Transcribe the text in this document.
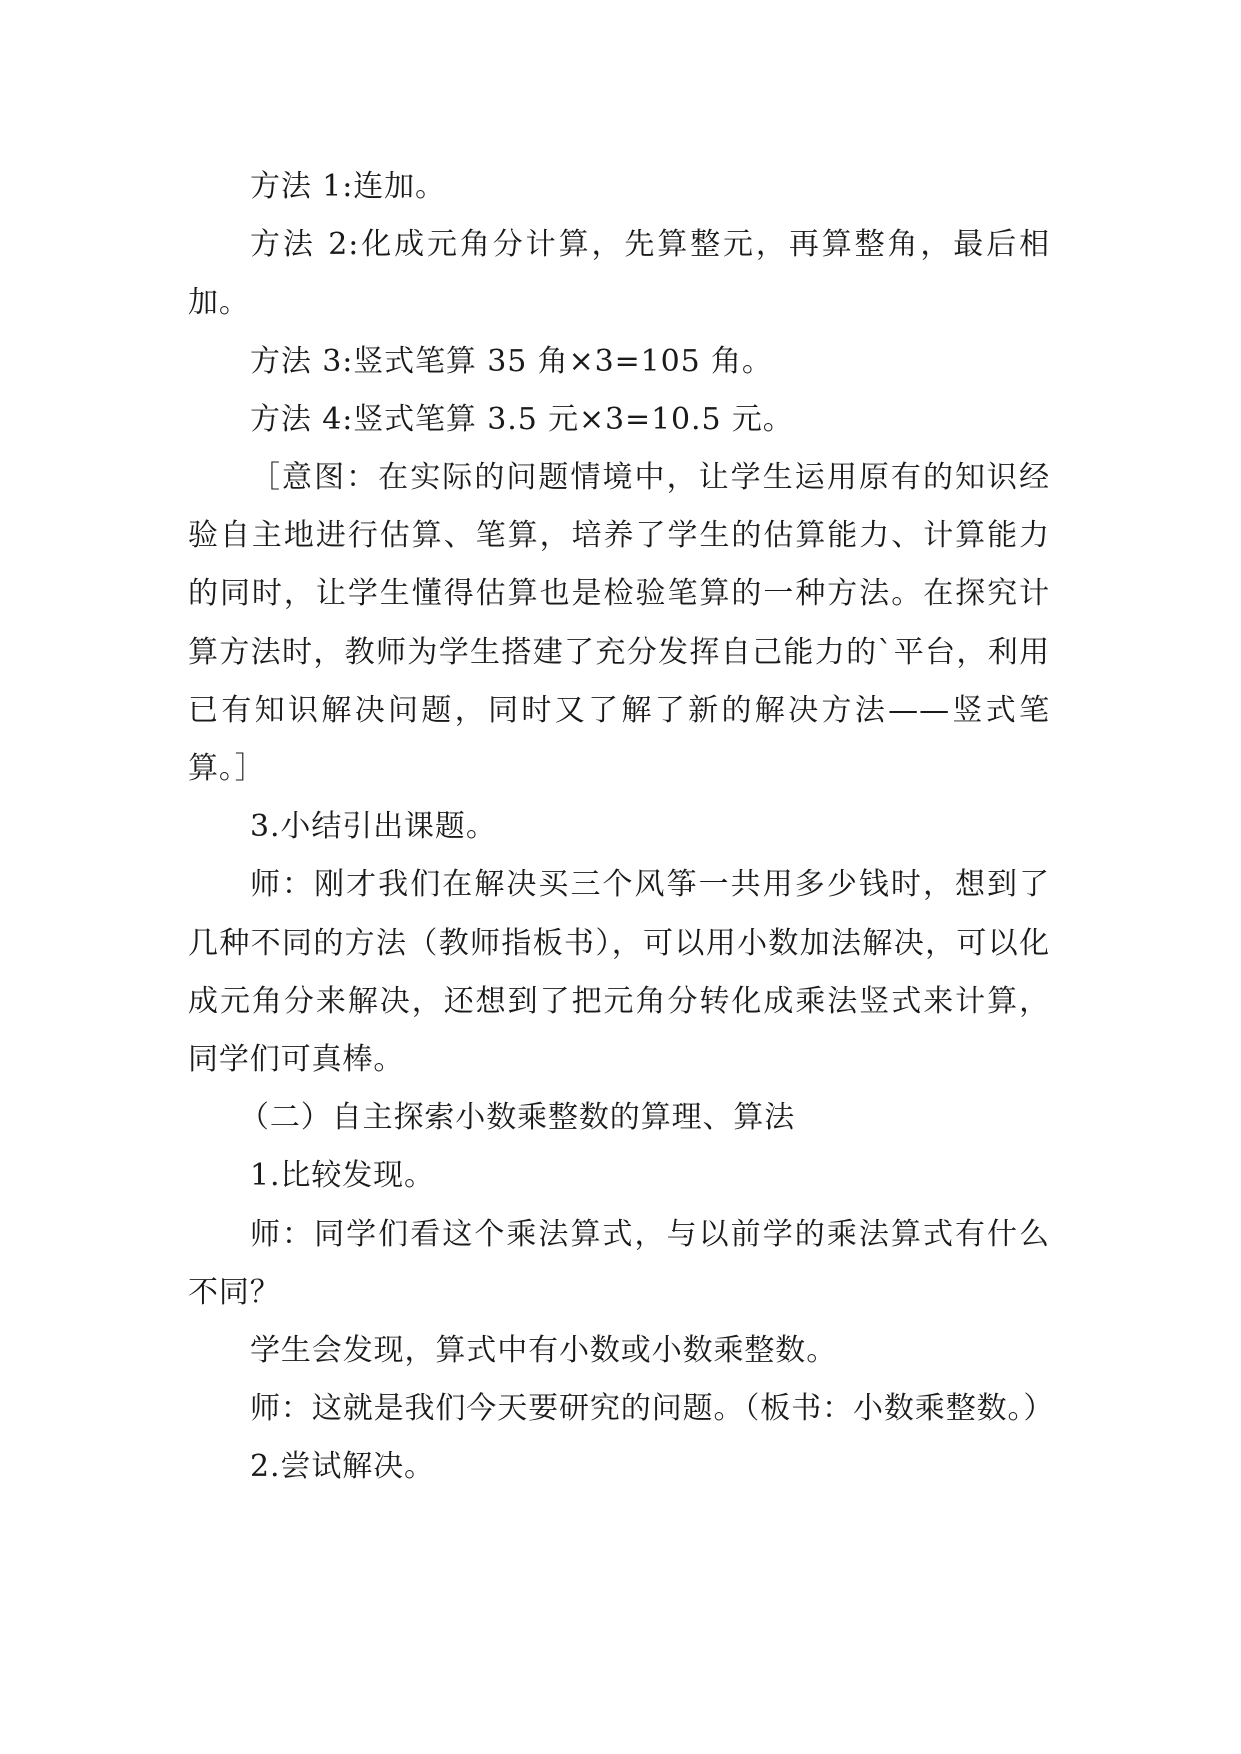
方法 1:连加。

方法 2:化成元角分计算，先算整元，再算整角，最后相加。

方法 3:竖式笔算 35 角×3=105 角。

方法 4:竖式笔算 3.5 元×3=10.5 元。

［意图：在实际的问题情境中，让学生运用原有的知识经验自主地进行估算、笔算，培养了学生的估算能力、计算能力的同时，让学生懂得估算也是检验笔算的一种方法。在探究计算方法时，教师为学生搭建了充分发挥自己能力的`平台，利用已有知识解决问题，同时又了解了新的解决方法——竖式笔算。］

3.小结引出课题。

师：刚才我们在解决买三个风筝一共用多少钱时，想到了几种不同的方法（教师指板书），可以用小数加法解决，可以化成元角分来解决，还想到了把元角分转化成乘法竖式来计算，同学们可真棒。

（二）自主探索小数乘整数的算理、算法

1.比较发现。

师：同学们看这个乘法算式，与以前学的乘法算式有什么不同？

学生会发现，算式中有小数或小数乘整数。

师：这就是我们今天要研究的问题。（板书：小数乘整数。）

2.尝试解决。
